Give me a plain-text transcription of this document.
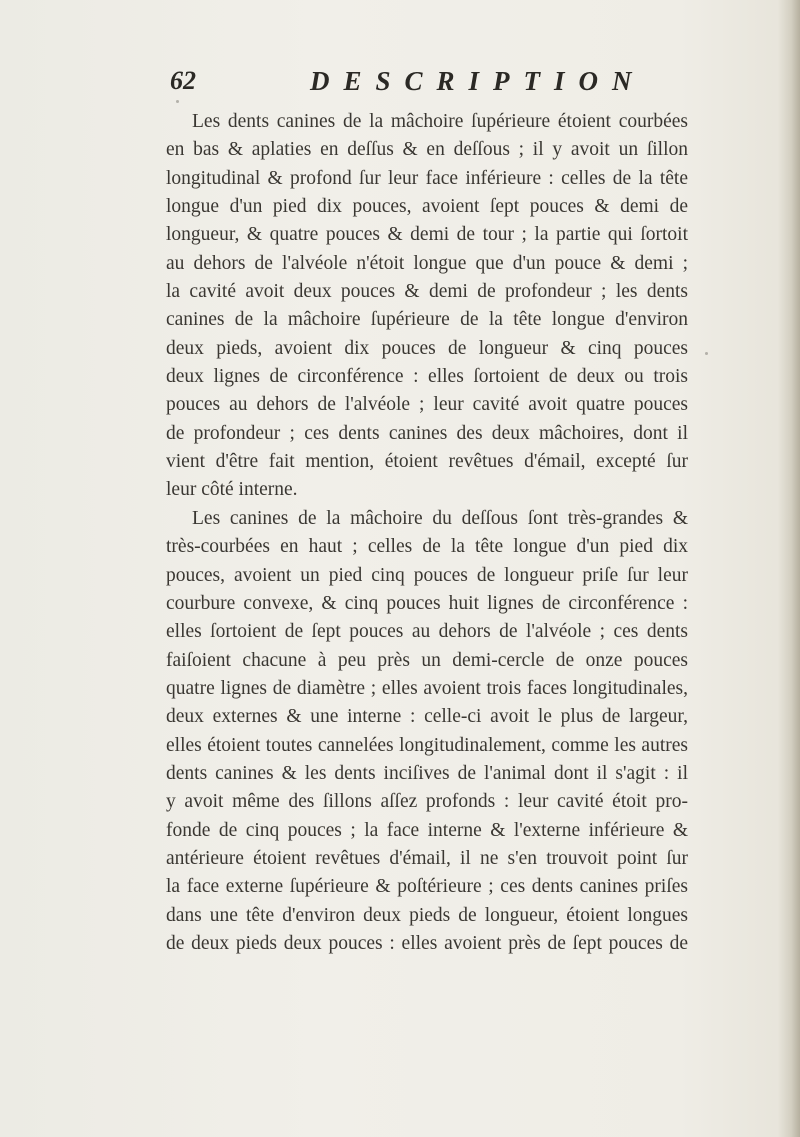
62	DESCRIPTION
Les dents canines de la mâchoire ſupérieure étoient courbées
en bas & aplaties en deſſus & en deſſous ; il y avoit un ſillon
longitudinal & profond ſur leur face inférieure : celles de la tête
longue d'un pied dix pouces, avoient ſept pouces & demi de
longueur, & quatre pouces & demi de tour ; la partie qui ſortoit
au dehors de l'alvéole n'étoit longue que d'un pouce & demi ;
la cavité avoit deux pouces & demi de profondeur ; les dents
canines de la mâchoire ſupérieure de la tête longue d'environ
deux pieds, avoient dix pouces de longueur & cinq pouces
deux lignes de circonférence : elles ſortoient de deux ou trois
pouces au dehors de l'alvéole ; leur cavité avoit quatre pouces
de profondeur ; ces dents canines des deux mâchoires, dont il
vient d'être fait mention, étoient revêtues d'émail, excepté ſur
leur côté interne.
Les canines de la mâchoire du deſſous ſont très-grandes &
très-courbées en haut ; celles de la tête longue d'un pied dix
pouces, avoient un pied cinq pouces de longueur priſe ſur leur
courbure convexe, & cinq pouces huit lignes de circonférence :
elles ſortoient de ſept pouces au dehors de l'alvéole ; ces dents
faiſoient chacune à peu près un demi-cercle de onze pouces
quatre lignes de diamètre ; elles avoient trois faces longitudinales,
deux externes & une interne : celle-ci avoit le plus de largeur,
elles étoient toutes cannelées longitudinalement, comme les autres
dents canines & les dents inciſives de l'animal dont il s'agit : il
y avoit même des ſillons aſſez profonds : leur cavité étoit pro-
fonde de cinq pouces ; la face interne & l'externe inférieure &
antérieure étoient revêtues d'émail, il ne s'en trouvoit point ſur
la face externe ſupérieure & poſtérieure ; ces dents canines priſes
dans une tête d'environ deux pieds de longueur, étoient longues
de deux pieds deux pouces : elles avoient près de ſept pouces de
